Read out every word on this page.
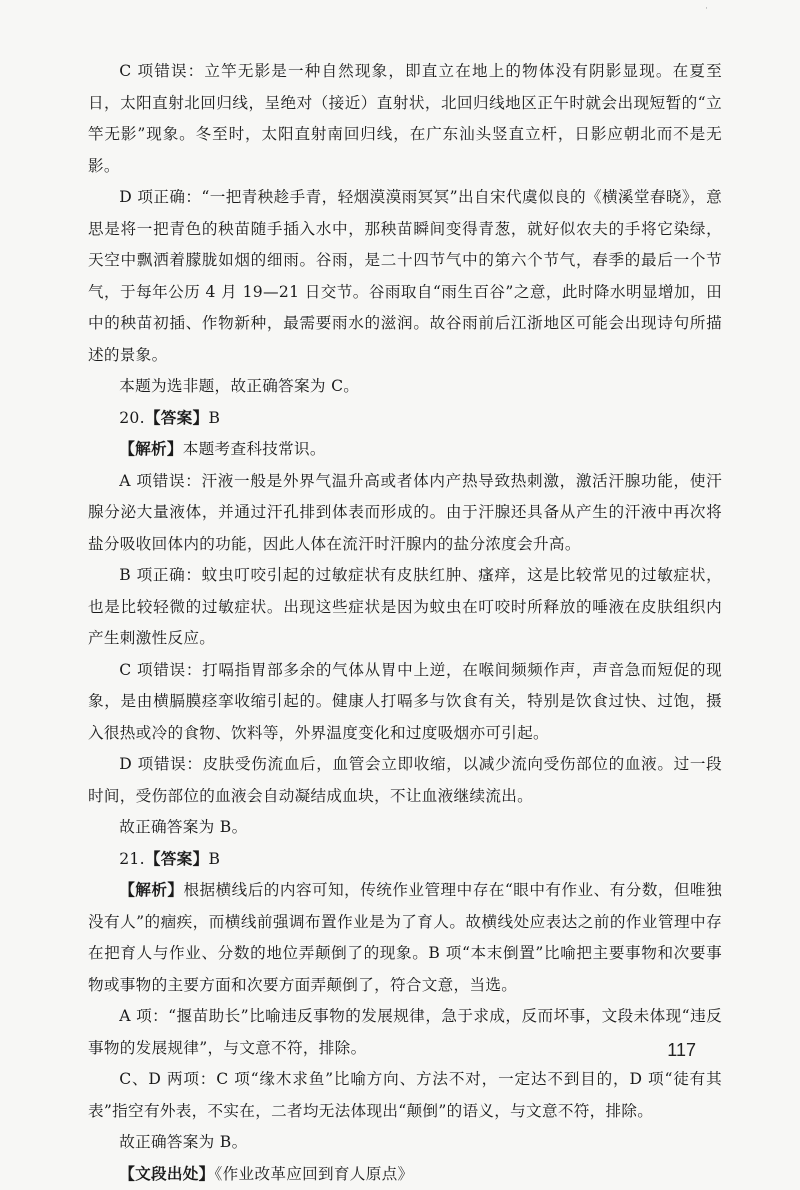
·

C 项错误：立竿无影是一种自然现象，即直立在地上的物体没有阴影显现。在夏至日，太阳直射北回归线，呈绝对（接近）直射状，北回归线地区正午时就会出现短暂的“立竿无影”现象。冬至时，太阳直射南回归线，在广东汕头竖直立杆，日影应朝北而不是无影。

D 项正确：“一把青秧趁手青，轻烟漠漠雨冥冥”出自宋代虞似良的《横溪堂春晓》，意思是将一把青色的秧苗随手插入水中，那秧苗瞬间变得青葱，就好似农夫的手将它染绿，天空中飘洒着朦胧如烟的细雨。谷雨，是二十四节气中的第六个节气，春季的最后一个节气，于每年公历 4 月 19—21 日交节。谷雨取自“雨生百谷”之意，此时降水明显增加，田中的秧苗初插、作物新种，最需要雨水的滋润。故谷雨前后江浙地区可能会出现诗句所描述的景象。

本题为选非题，故正确答案为 C。

20.【答案】B

【解析】本题考查科技常识。

A 项错误：汗液一般是外界气温升高或者体内产热导致热刺激，激活汗腺功能，使汗腺分泌大量液体，并通过汗孔排到体表而形成的。由于汗腺还具备从产生的汗液中再次将盐分吸收回体内的功能，因此人体在流汗时汗腺内的盐分浓度会升高。

B 项正确：蚊虫叮咬引起的过敏症状有皮肤红肿、瘙痒，这是比较常见的过敏症状，也是比较轻微的过敏症状。出现这些症状是因为蚊虫在叮咬时所释放的唾液在皮肤组织内产生刺激性反应。

C 项错误：打嗝指胃部多余的气体从胃中上逆，在喉间频频作声，声音急而短促的现象，是由横膈膜痉挛收缩引起的。健康人打嗝多与饮食有关，特别是饮食过快、过饱，摄入很热或冷的食物、饮料等，外界温度变化和过度吸烟亦可引起。

D 项错误：皮肤受伤流血后，血管会立即收缩，以减少流向受伤部位的血液。过一段时间，受伤部位的血液会自动凝结成血块，不让血液继续流出。

故正确答案为 B。

21.【答案】B

【解析】根据横线后的内容可知，传统作业管理中存在“眼中有作业、有分数，但唯独没有人”的痼疾，而横线前强调布置作业是为了育人。故横线处应表达之前的作业管理中存在把育人与作业、分数的地位弄颠倒了的现象。B 项“本末倒置”比喻把主要事物和次要事物或事物的主要方面和次要方面弄颠倒了，符合文意，当选。

A 项：“揠苗助长”比喻违反事物的发展规律，急于求成，反而坏事，文段未体现“违反事物的发展规律”，与文意不符，排除。

C、D 两项：C 项“缘木求鱼”比喻方向、方法不对，一定达不到目的，D 项“徒有其表”指空有外表，不实在，二者均无法体现出“颠倒”的语义，与文意不符，排除。

故正确答案为 B。

【文段出处】《作业改革应回到育人原点》

117
